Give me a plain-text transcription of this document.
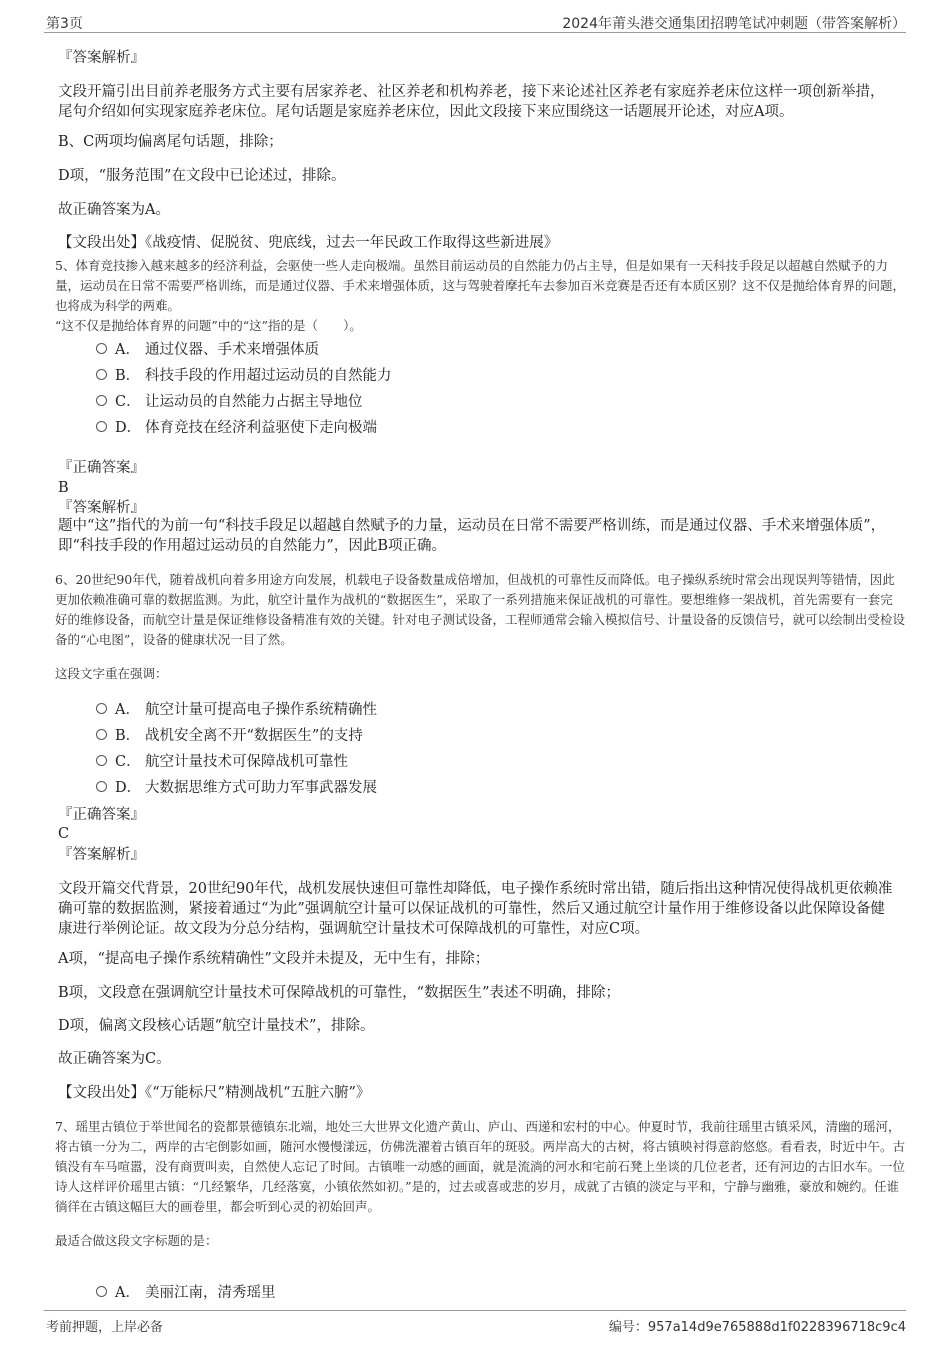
第3页	2024年莆头港交通集团招聘笔试冲刺题（带答案解析）

『答案解析』

文段开篇引出目前养老服务方式主要有居家养老、社区养老和机构养老，接下来论述社区养老有家庭养老床位这样一项创新举措，尾句介绍如何实现家庭养老床位。尾句话题是家庭养老床位，因此文段接下来应围绕这一话题展开论述，对应A项。

B、C两项均偏离尾句话题，排除；

D项，“服务范围”在文段中已论述过，排除。

故正确答案为A。

【文段出处】《战疫情、促脱贫、兜底线，过去一年民政工作取得这些新进展》

5、体育竞技掺入越来越多的经济利益，会驱使一些人走向极端。虽然目前运动员的自然能力仍占主导，但是如果有一天科技手段足以超越自然赋予的力量，运动员在日常不需要严格训练，而是通过仪器、手术来增强体质，这与驾驶着摩托车去参加百米竞赛是否还有本质区别？这不仅是抛给体育界的问题，也将成为科学的两难。

“这不仅是抛给体育界的问题”中的“这”指的是（　　）。

A． 通过仪器、手术来增强体质
B． 科技手段的作用超过运动员的自然能力
C． 让运动员的自然能力占据主导地位
D． 体育竞技在经济利益驱使下走向极端

『正确答案』

B

『答案解析』

题中“这”指代的为前一句“科技手段足以超越自然赋予的力量，运动员在日常不需要严格训练，而是通过仪器、手术来增强体质”，即“科技手段的作用超过运动员的自然能力”，因此B项正确。

6、20世纪90年代，随着战机向着多用途方向发展，机载电子设备数量成倍增加，但战机的可靠性反而降低。电子操纵系统时常会出现误判等错情，因此更加依赖准确可靠的数据监测。为此，航空计量作为战机的“数据医生”，采取了一系列措施来保证战机的可靠性。要想维修一架战机，首先需要有一套完好的维修设备，而航空计量是保证维修设备精准有效的关键。针对电子测试设备，工程师通常会输入模拟信号、计量设备的反馈信号，就可以绘制出受检设备的“心电图”，设备的健康状况一目了然。

这段文字重在强调：

A． 航空计量可提高电子操作系统精确性
B． 战机安全离不开“数据医生”的支持
C． 航空计量技术可保障战机可靠性
D． 大数据思维方式可助力军事武器发展

『正确答案』

C

『答案解析』

文段开篇交代背景，20世纪90年代，战机发展快速但可靠性却降低，电子操作系统时常出错，随后指出这种情况使得战机更依赖准确可靠的数据监测，紧接着通过“为此”强调航空计量可以保证战机的可靠性，然后又通过航空计量作用于维修设备以此保障设备健康进行举例论证。故文段为分总分结构，强调航空计量技术可保障战机的可靠性，对应C项。

A项，“提高电子操作系统精确性”文段并未提及，无中生有，排除；

B项，文段意在强调航空计量技术可保障战机的可靠性，“数据医生”表述不明确，排除；

D项，偏离文段核心话题“航空计量技术”，排除。

故正确答案为C。

【文段出处】《“万能标尺”精测战机“五脏六腑”》

7、瑶里古镇位于举世闻名的瓷都景德镇东北端，地处三大世界文化遗产黄山、庐山、西递和宏村的中心。仲夏时节，我前往瑶里古镇采风，清幽的瑶河，将古镇一分为二，两岸的古宅倒影如画，随河水慢慢漾远，仿佛洗濯着古镇百年的斑驳。两岸高大的古树，将古镇映衬得意韵悠悠。看看表，时近中午。古镇没有车马喧嚣，没有商贾叫卖，自然使人忘记了时间。古镇唯一动感的画面，就是流淌的河水和宅前石凳上坐谈的几位老者，还有河边的古旧水车。一位诗人这样评价瑶里古镇：“几经繁华，几经落寞，小镇依然如初。”是的，过去或喜或悲的岁月，成就了古镇的淡定与平和，宁静与幽雅，豪放和婉约。任谁徜徉在古镇这幅巨大的画卷里，都会听到心灵的初始回声。

最适合做这段文字标题的是：

A． 美丽江南，清秀瑶里
考前押题，上岸必备	编号：957a14d9e765888d1f0228396718c9c4
